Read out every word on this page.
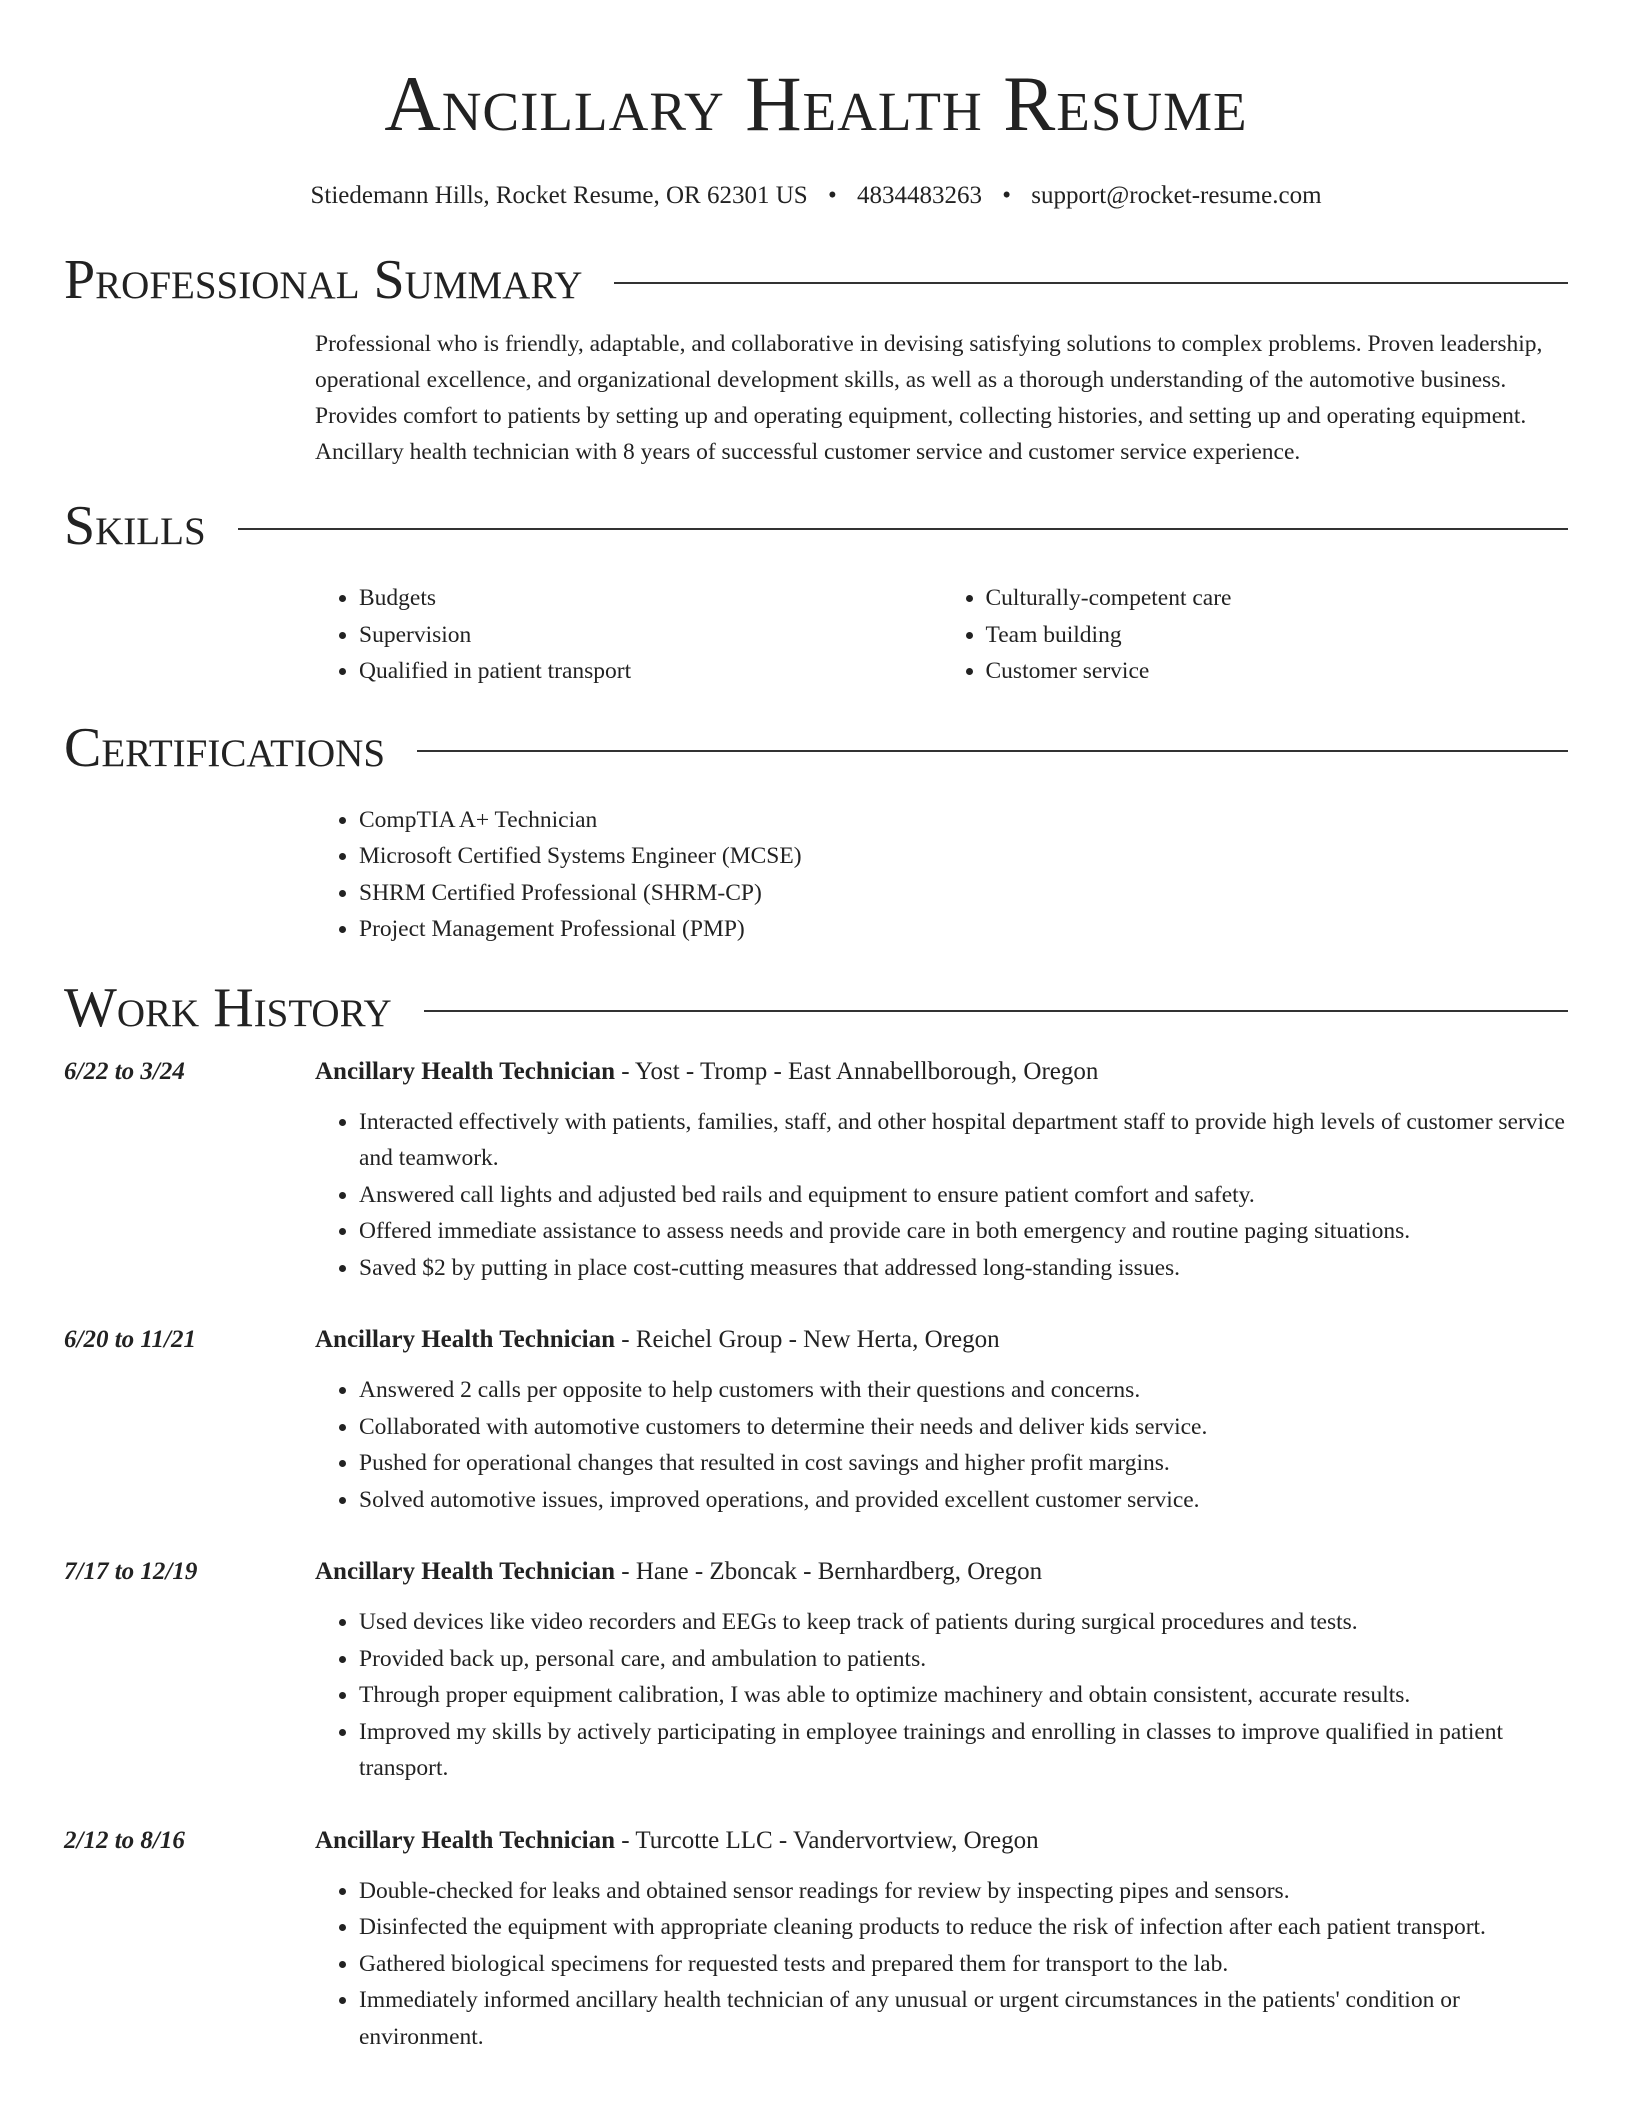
Ancillary Health Resume
Stiedemann Hills, Rocket Resume, OR 62301 US • 4834483263 • support@rocket-resume.com
Professional Summary

Professional who is friendly, adaptable, and collaborative in devising satisfying solutions to complex problems. Proven leadership, operational excellence, and organizational development skills, as well as a thorough understanding of the automotive business. Provides comfort to patients by setting up and operating equipment, collecting histories, and setting up and operating equipment. Ancillary health technician with 8 years of successful customer service and customer service experience.

Skills
• Budgets
• Supervision
• Qualified in patient transport
• Culturally-competent care
• Team building
• Customer service
Certifications
• CompTIA A+ Technician
• Microsoft Certified Systems Engineer (MCSE)
• SHRM Certified Professional (SHRM-CP)
• Project Management Professional (PMP)
Work History
6/22 to 3/24	Ancillary Health Technician - Yost - Tromp - East Annabellborough, Oregon
• Interacted effectively with patients, families, staff, and other hospital department staff to provide high levels of customer service and teamwork.
• Answered call lights and adjusted bed rails and equipment to ensure patient comfort and safety.
• Offered immediate assistance to assess needs and provide care in both emergency and routine paging situations.
• Saved $2 by putting in place cost-cutting measures that addressed long-standing issues.
6/20 to 11/21	Ancillary Health Technician - Reichel Group - New Herta, Oregon
• Answered 2 calls per opposite to help customers with their questions and concerns.
• Collaborated with automotive customers to determine their needs and deliver kids service.
• Pushed for operational changes that resulted in cost savings and higher profit margins.
• Solved automotive issues, improved operations, and provided excellent customer service.
7/17 to 12/19	Ancillary Health Technician - Hane - Zboncak - Bernhardberg, Oregon
• Used devices like video recorders and EEGs to keep track of patients during surgical procedures and tests.
• Provided back up, personal care, and ambulation to patients.
• Through proper equipment calibration, I was able to optimize machinery and obtain consistent, accurate results.
• Improved my skills by actively participating in employee trainings and enrolling in classes to improve qualified in patient transport.
2/12 to 8/16	Ancillary Health Technician - Turcotte LLC - Vandervortview, Oregon
• Double-checked for leaks and obtained sensor readings for review by inspecting pipes and sensors.
• Disinfected the equipment with appropriate cleaning products to reduce the risk of infection after each patient transport.
• Gathered biological specimens for requested tests and prepared them for transport to the lab.
• Immediately informed ancillary health technician of any unusual or urgent circumstances in the patients' condition or environment.
